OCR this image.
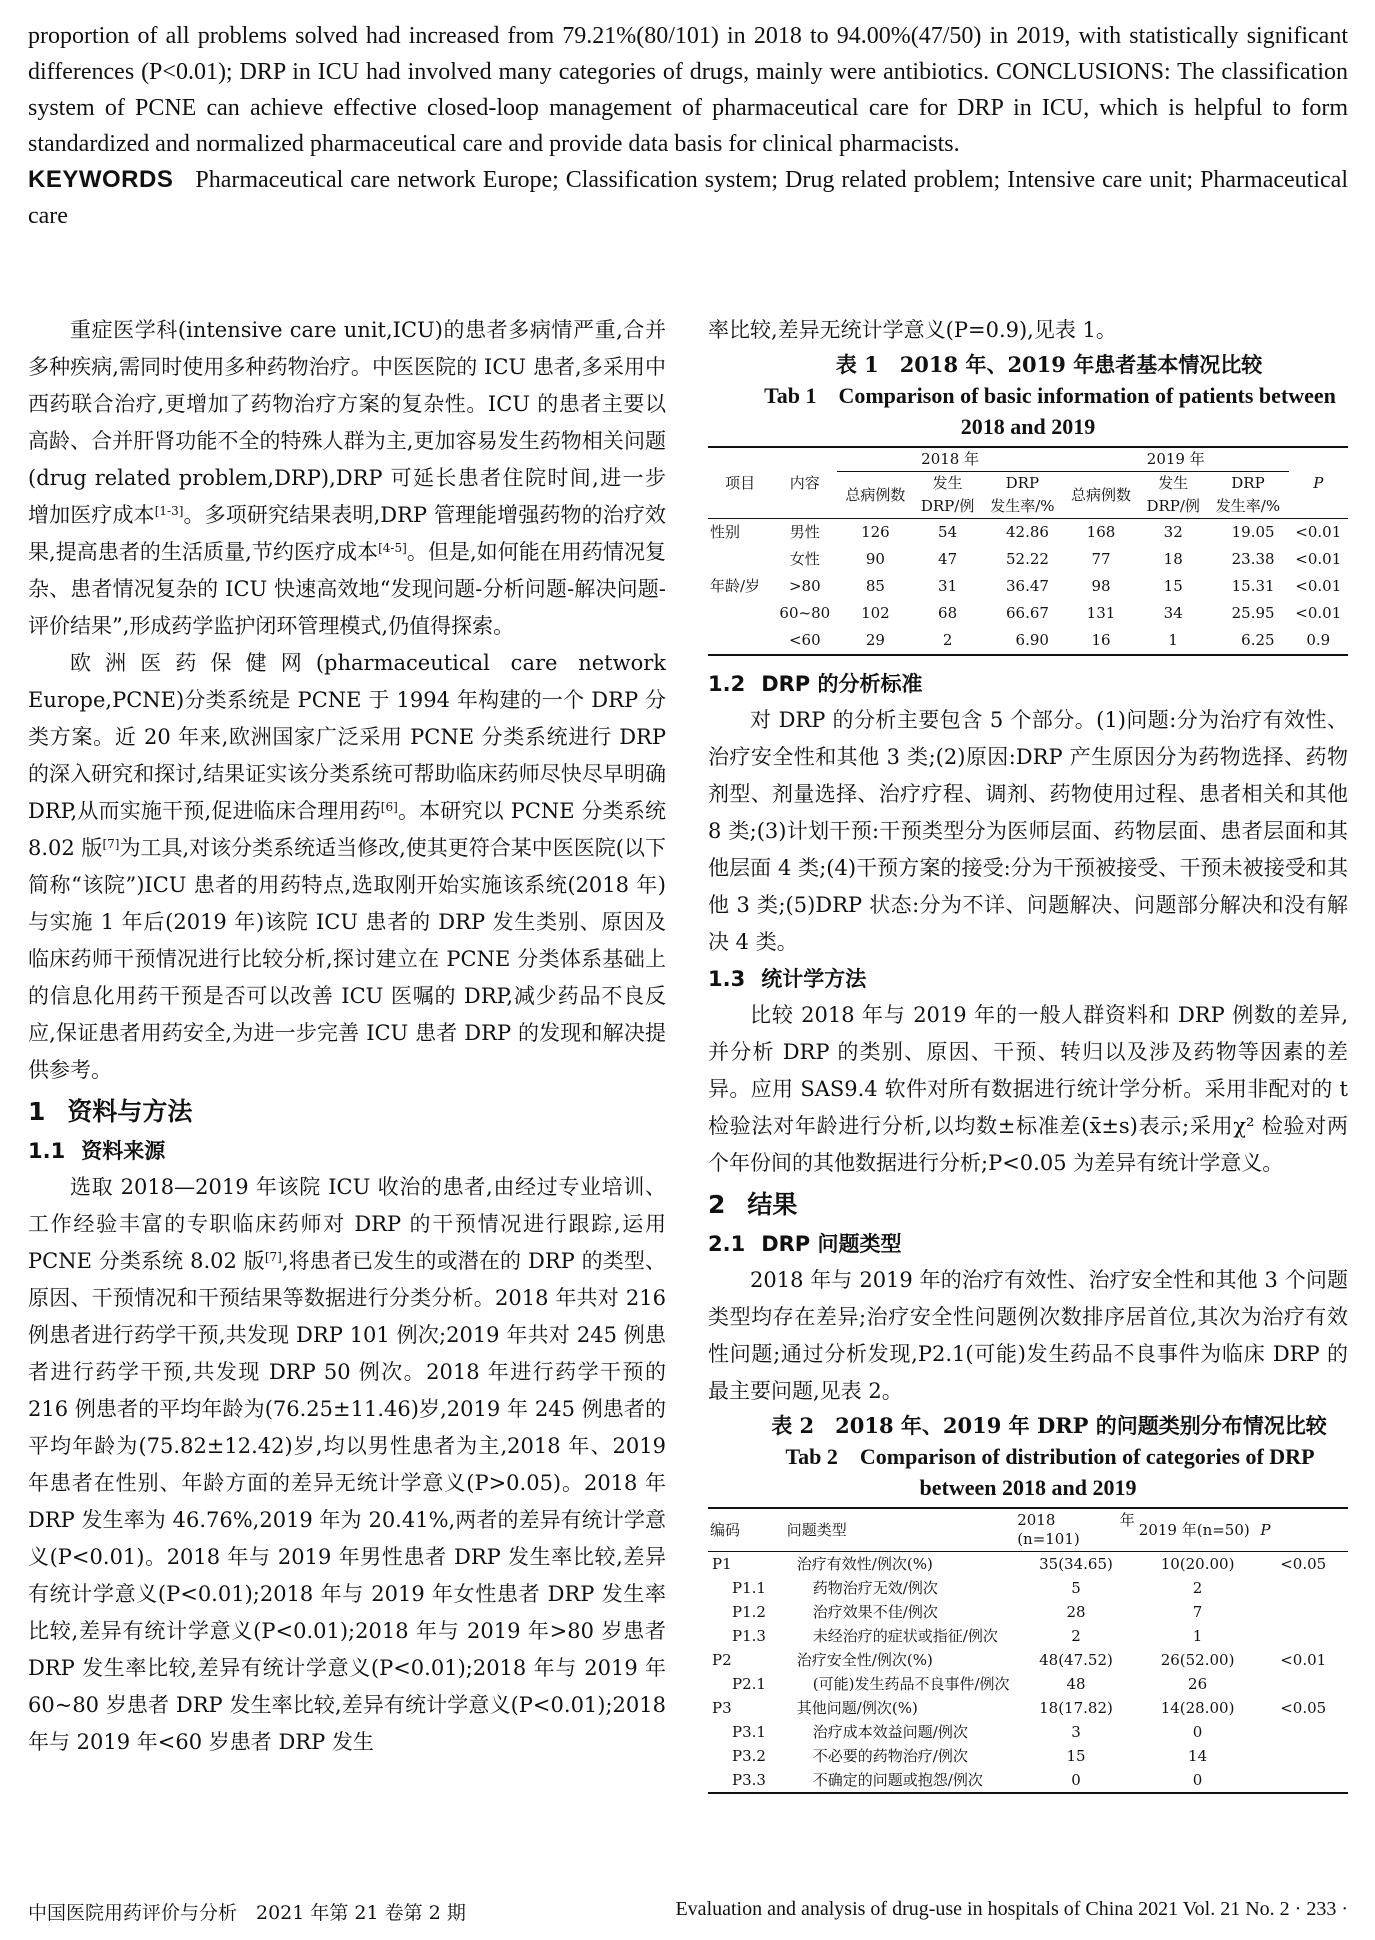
proportion of all problems solved had increased from 79.21%(80/101) in 2018 to 94.00%(47/50) in 2019, with statistically significant differences (P<0.01); DRP in ICU had involved many categories of drugs, mainly were antibiotics. CONCLUSIONS: The classification system of PCNE can achieve effective closed-loop management of pharmaceutical care for DRP in ICU, which is helpful to form standardized and normalized pharmaceutical care and provide data basis for clinical pharmacists.

KEYWORDS Pharmaceutical care network Europe; Classification system; Drug related problem; Intensive care unit; Pharmaceutical care

重症医学科(intensive care unit,ICU)的患者多病情严重,合并多种疾病,需同时使用多种药物治疗。中医医院的 ICU 患者,多采用中西药联合治疗,更增加了药物治疗方案的复杂性。ICU 的患者主要以高龄、合并肝肾功能不全的特殊人群为主,更加容易发生药物相关问题(drug related problem,DRP),DRP 可延长患者住院时间,进一步增加医疗成本[1-3]。多项研究结果表明,DRP 管理能增强药物的治疗效果,提高患者的生活质量,节约医疗成本[4-5]。但是,如何能在用药情况复杂、患者情况复杂的 ICU 快速高效地“发现问题-分析问题-解决问题-评价结果”,形成药学监护闭环管理模式,仍值得探索。

欧洲医药保健网(pharmaceutical care network Europe,PCNE)分类系统是 PCNE 于 1994 年构建的一个 DRP 分类方案。近 20 年来,欧洲国家广泛采用 PCNE 分类系统进行 DRP 的深入研究和探讨,结果证实该分类系统可帮助临床药师尽快尽早明确 DRP,从而实施干预,促进临床合理用药[6]。本研究以 PCNE 分类系统 8.02 版[7]为工具,对该分类系统适当修改,使其更符合某中医医院(以下简称“该院”)ICU 患者的用药特点,选取刚开始实施该系统(2018 年)与实施 1 年后(2019 年)该院 ICU 患者的 DRP 发生类别、原因及临床药师干预情况进行比较分析,探讨建立在 PCNE 分类体系基础上的信息化用药干预是否可以改善 ICU 医嘱的 DRP,减少药品不良反应,保证患者用药安全,为进一步完善 ICU 患者 DRP 的发现和解决提供参考。

1 资料与方法
1.1 资料来源

选取 2018—2019 年该院 ICU 收治的患者,由经过专业培训、工作经验丰富的专职临床药师对 DRP 的干预情况进行跟踪,运用 PCNE 分类系统 8.02 版[7],将患者已发生的或潜在的 DRP 的类型、原因、干预情况和干预结果等数据进行分类分析。2018 年共对 216 例患者进行药学干预,共发现 DRP 101 例次;2019 年共对 245 例患者进行药学干预,共发现 DRP 50 例次。2018 年进行药学干预的 216 例患者的平均年龄为(76.25±11.46)岁,2019 年 245 例患者的平均年龄为(75.82±12.42)岁,均以男性患者为主,2018 年、2019 年患者在性别、年龄方面的差异无统计学意义(P>0.05)。2018 年 DRP 发生率为 46.76%,2019 年为 20.41%,两者的差异有统计学意义(P<0.01)。2018 年与 2019 年男性患者 DRP 发生率比较,差异有统计学意义(P<0.01);2018 年与 2019 年女性患者 DRP 发生率比较,差异有统计学意义(P<0.01);2018 年与 2019 年>80 岁患者 DRP 发生率比较,差异有统计学意义(P<0.01);2018 年与 2019 年 60~80 岁患者 DRP 发生率比较,差异有统计学意义(P<0.01);2018 年与 2019 年<60 岁患者 DRP 发生

率比较,差异无统计学意义(P=0.9),见表 1。

表 1　2018 年、2019 年患者基本情况比较

Tab 1　Comparison of basic information of patients between 2018 and 2019

项目	内容	2018 年			2019 年			P
		总病例数	发生	DRP	总病例数	发生	DRP	
			DRP/例	发生率/%		DRP/例	发生率/%	
性别	男性	126	54	42.86	168	32	19.05	<0.01
	女性	90	47	52.22	77	18	23.38	<0.01
年龄/岁	>80	85	31	36.47	98	15	15.31	<0.01
	60~80	102	68	66.67	131	34	25.95	<0.01
	<60	29	2	6.90	16	1	6.25	0.9
1.2 DRP 的分析标准

对 DRP 的分析主要包含 5 个部分。(1)问题:分为治疗有效性、治疗安全性和其他 3 类;(2)原因:DRP 产生原因分为药物选择、药物剂型、剂量选择、治疗疗程、调剂、药物使用过程、患者相关和其他 8 类;(3)计划干预:干预类型分为医师层面、药物层面、患者层面和其他层面 4 类;(4)干预方案的接受:分为干预被接受、干预未被接受和其他 3 类;(5)DRP 状态:分为不详、问题解决、问题部分解决和没有解决 4 类。

1.3 统计学方法

比较 2018 年与 2019 年的一般人群资料和 DRP 例数的差异,并分析 DRP 的类别、原因、干预、转归以及涉及药物等因素的差异。应用 SAS9.4 软件对所有数据进行统计学分析。采用非配对的 t 检验法对年龄进行分析,以均数±标准差(x̄±s)表示;采用χ² 检验对两个年份间的其他数据进行分析;P<0.05 为差异有统计学意义。

2 结果
2.1 DRP 问题类型

2018 年与 2019 年的治疗有效性、治疗安全性和其他 3 个问题类型均存在差异;治疗安全性问题例次数排序居首位,其次为治疗有效性问题;通过分析发现,P2.1(可能)发生药品不良事件为临床 DRP 的最主要问题,见表 2。

表 2　2018 年、2019 年 DRP 的问题类别分布情况比较

Tab 2　Comparison of distribution of categories of DRP between 2018 and 2019

编码	问题类型	2018 年(n=101)	2019 年(n=50)	P
P1	治疗有效性/例次(%)	35(34.65)	10(20.00)	<0.05
P1.1	药物治疗无效/例次	5	2	
P1.2	治疗效果不佳/例次	28	7	
P1.3	未经治疗的症状或指征/例次	2	1	
P2	治疗安全性/例次(%)	48(47.52)	26(52.00)	<0.01
P2.1	(可能)发生药品不良事件/例次	48	26	
P3	其他问题/例次(%)	18(17.82)	14(28.00)	<0.05
P3.1	治疗成本效益问题/例次	3	0	
P3.2	不必要的药物治疗/例次	15	14	
P3.3	不确定的问题或抱怨/例次	0	0	
中国医院用药评价与分析　2021 年第 21 卷第 2 期	Evaluation and analysis of drug-use in hospitals of China 2021 Vol. 21 No. 2 · 233 ·
